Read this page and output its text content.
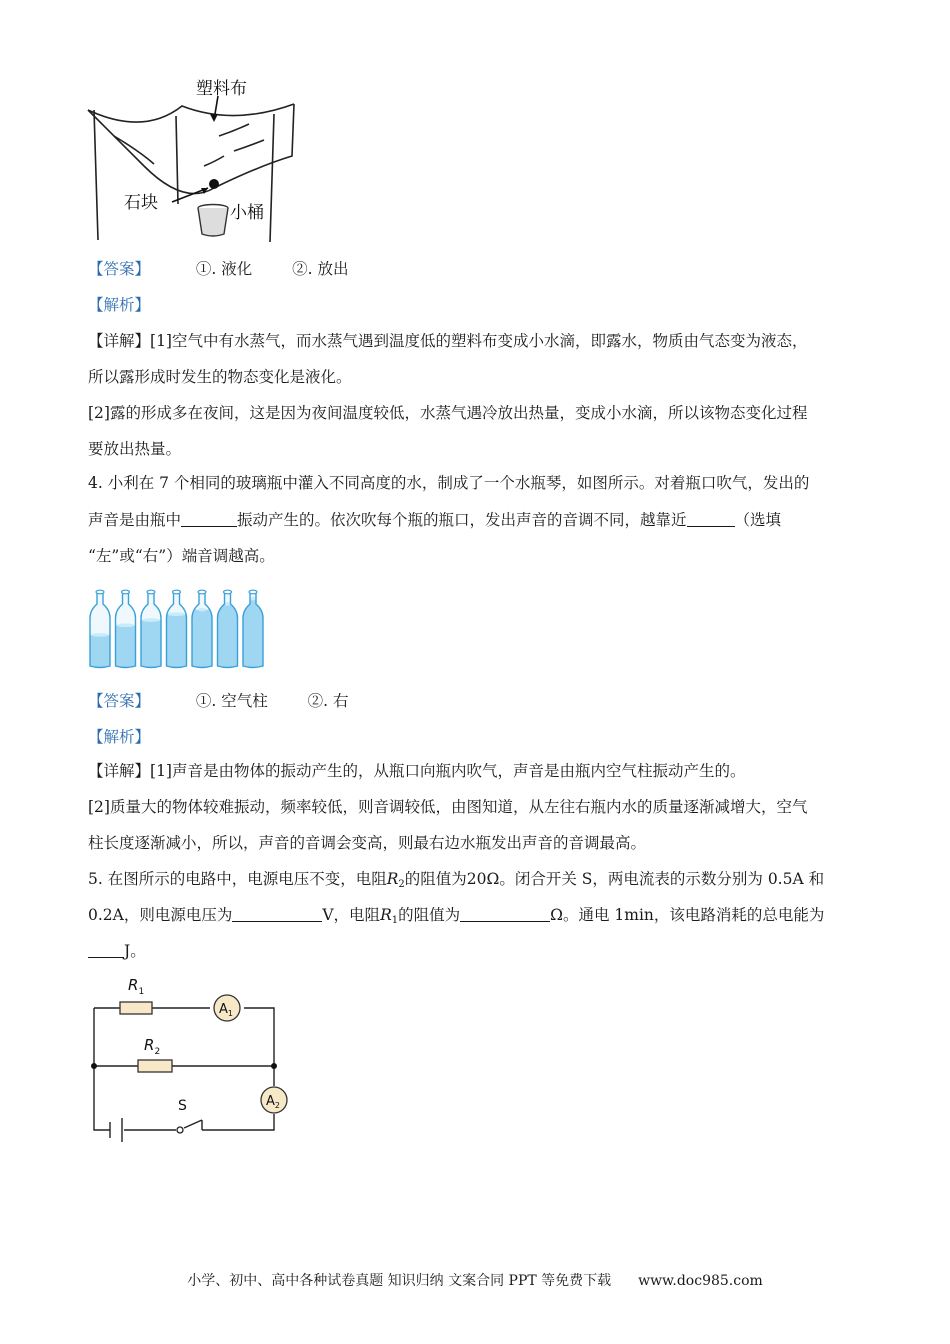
塑料布
石块	小桶
【答案】	①. 液化	②. 放出
【解析】
【详解】[1]空气中有水蒸气，而水蒸气遇到温度低的塑料布变成小水滴，即露水，物质由气态变为液态，
所以露形成时发生的物态变化是液化。
[2]露的形成多在夜间，这是因为夜间温度较低，水蒸气遇冷放出热量，变成小水滴，所以该物态变化过程
要放出热量。
4. 小利在 7 个相同的玻璃瓶中灌入不同高度的水，制成了一个水瓶琴，如图所示。对着瓶口吹气，发出的
声音是由瓶中	振动产生的。依次吹每个瓶的瓶口，发出声音的音调不同，越靠近	（选填
“左”或“右”）端音调越高。
【答案】	①. 空气柱	②. 右
【解析】
【详解】[1]声音是由物体的振动产生的，从瓶口向瓶内吹气，声音是由瓶内空气柱振动产生的。
[2]质量大的物体较难振动，频率较低，则音调较低，由图知道，从左往右瓶内水的质量逐渐减增大，空气
柱长度逐渐减小，所以，声音的音调会变高，则最右边水瓶发出声音的音调最高。
5. 在图所示的电路中，电源电压不变，电阻$R_2$的阻值为20Ω。闭合开关 S，两电流表的示数分别为 0.5A 和
0.2A，则电源电压为	V，电阻$R_1$的阻值为	Ω。通电 1min，该电路消耗的总电能为
J。
$R_1$
$R_2$
$A_1$
$A_2$
S
小学、初中、高中各种试卷真题 知识归纳 文案合同 PPT 等免费下载 www.doc985.com
